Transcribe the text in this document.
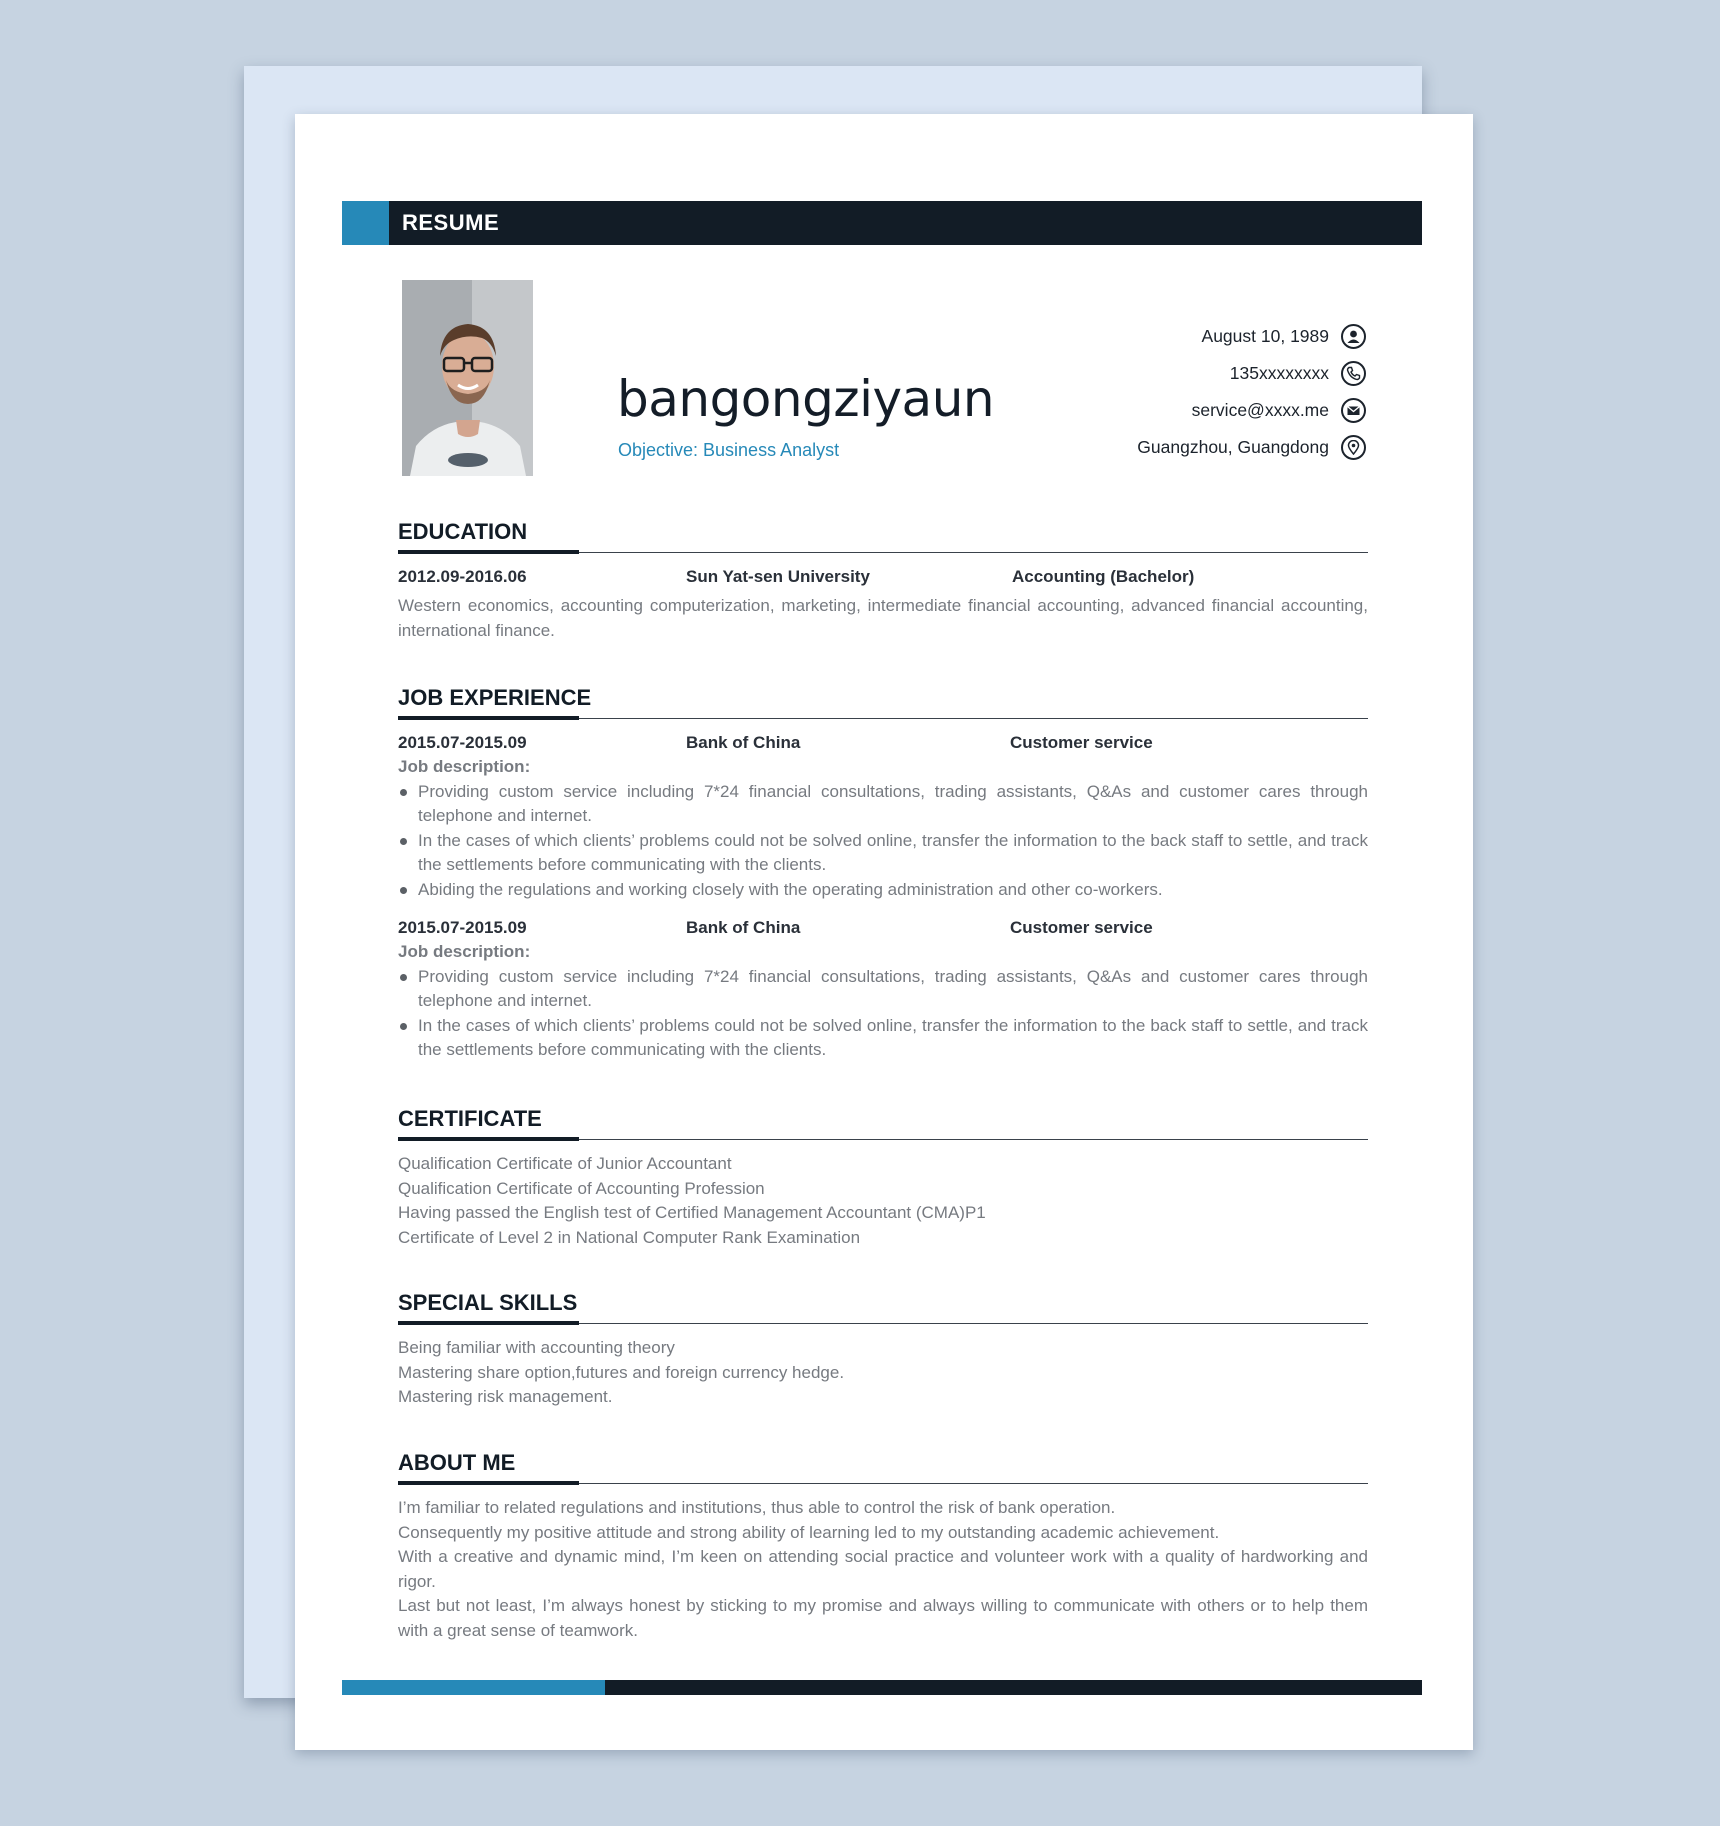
RESUME
bangongziyaun
Objective: Business Analyst
August 10, 1989
135xxxxxxxx
service@xxxx.me
Guangzhou, Guangdong
EDUCATION
2012.09-2016.06	Sun Yat-sen University	Accounting (Bachelor)
Western economics, accounting computerization, marketing, intermediate financial accounting, advanced financial accounting, international finance.
JOB EXPERIENCE
2015.07-2015.09	Bank of China	Customer service
Job description:
Providing custom service including 7*24 financial consultations, trading assistants, Q&As and customer cares through telephone and internet.
In the cases of which clients’ problems could not be solved online, transfer the information to the back staff to settle, and track the settlements before communicating with the clients.
Abiding the regulations and working closely with the operating administration and other co-workers.
2015.07-2015.09	Bank of China	Customer service
Job description:
Providing custom service including 7*24 financial consultations, trading assistants, Q&As and customer cares through telephone and internet.
In the cases of which clients’ problems could not be solved online, transfer the information to the back staff to settle, and track the settlements before communicating with the clients.
CERTIFICATE
Qualification Certificate of Junior Accountant
Qualification Certificate of Accounting Profession
Having passed the English test of Certified Management Accountant (CMA)P1
Certificate of Level 2 in National Computer Rank Examination
SPECIAL SKILLS
Being familiar with accounting theory
Mastering share option,futures and foreign currency hedge.
Mastering risk management.
ABOUT ME
I’m familiar to related regulations and institutions, thus able to control the risk of bank operation.
Consequently my positive attitude and strong ability of learning led to my outstanding academic achievement.
With a creative and dynamic mind, I’m keen on attending social practice and volunteer work with a quality of hardworking and rigor.
Last but not least, I’m always honest by sticking to my promise and always willing to communicate with others or to help them with a great sense of teamwork.
